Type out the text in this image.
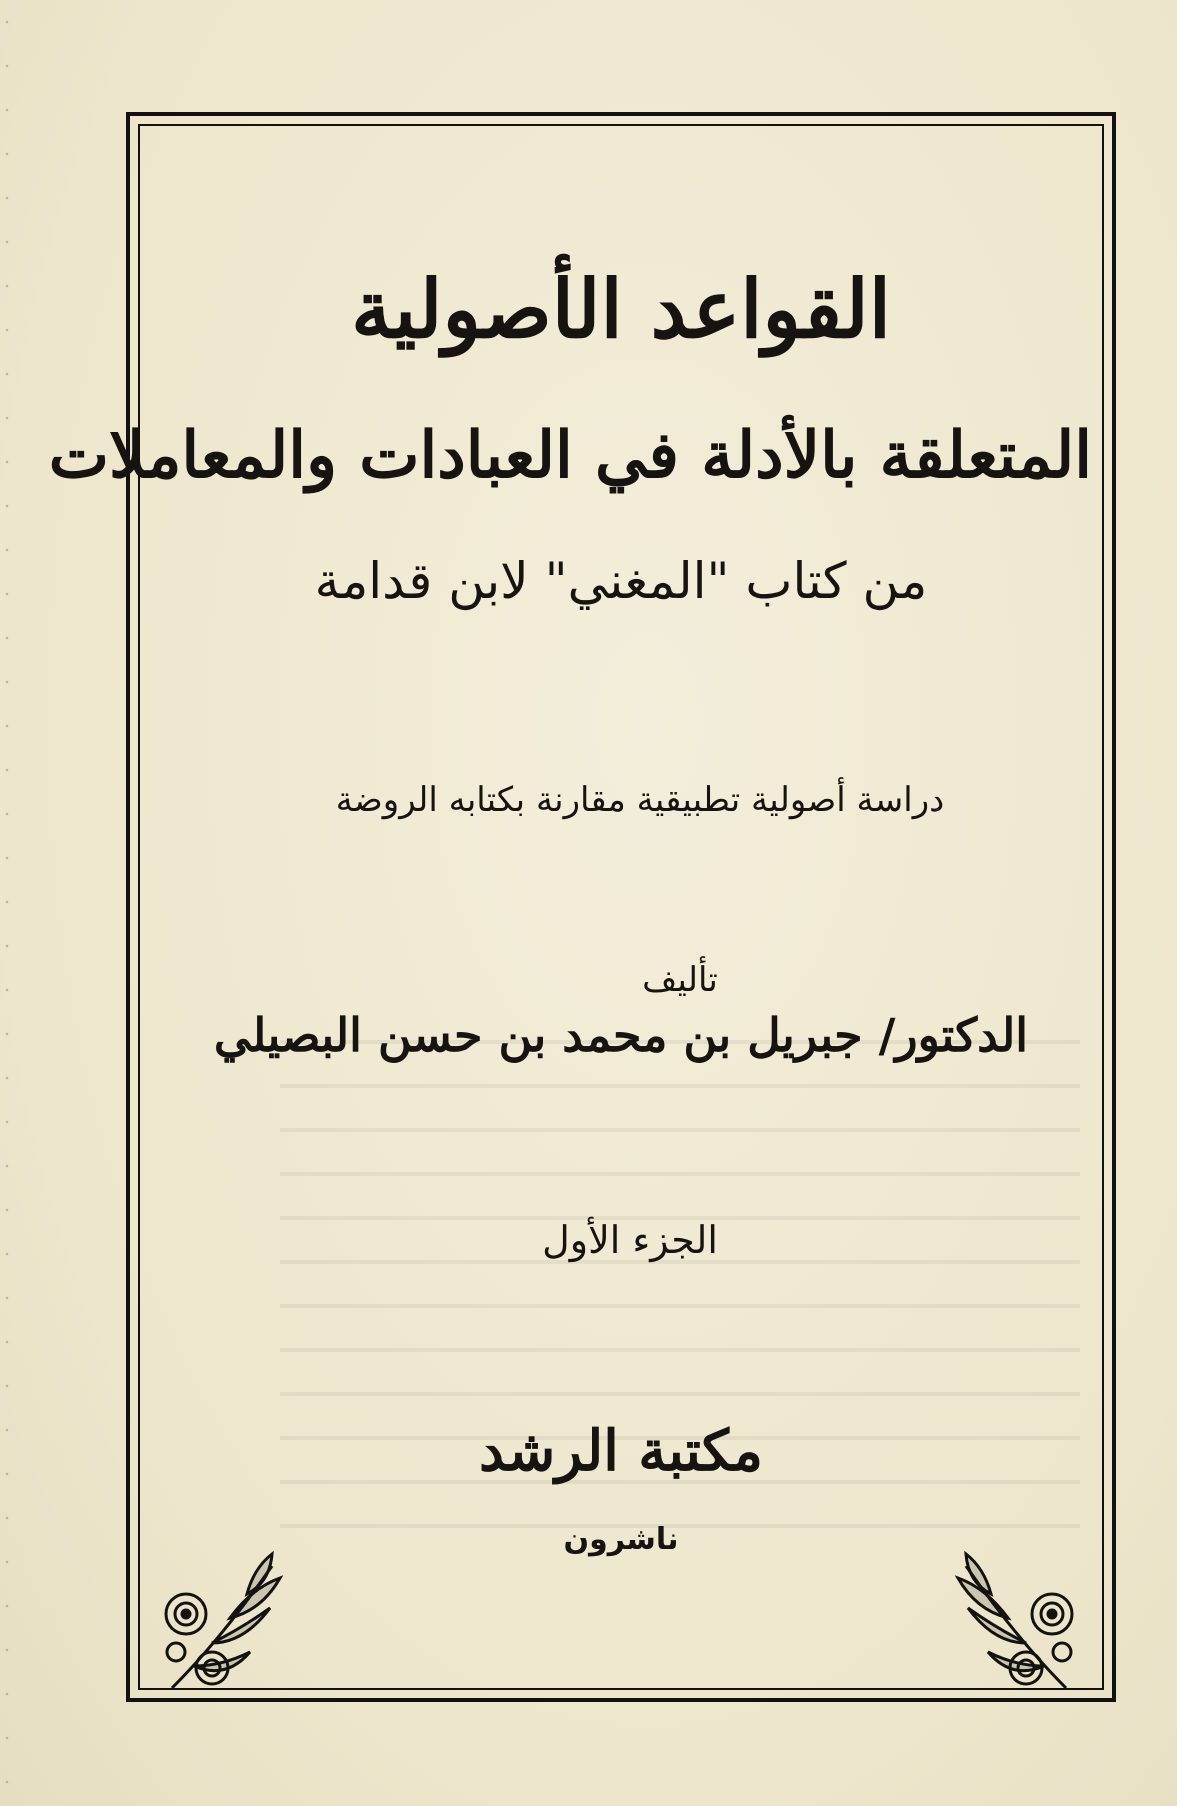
القواعد الأصولية
المتعلقة بالأدلة في العبادات والمعاملات
من كتاب "المغني" لابن قدامة
دراسة أصولية تطبيقية مقارنة بكتابه الروضة
تأليف
الدكتور/ جبريل بن محمد بن حسن البصيلي
الجزء الأول
مكتبة الرشد
ناشرون
